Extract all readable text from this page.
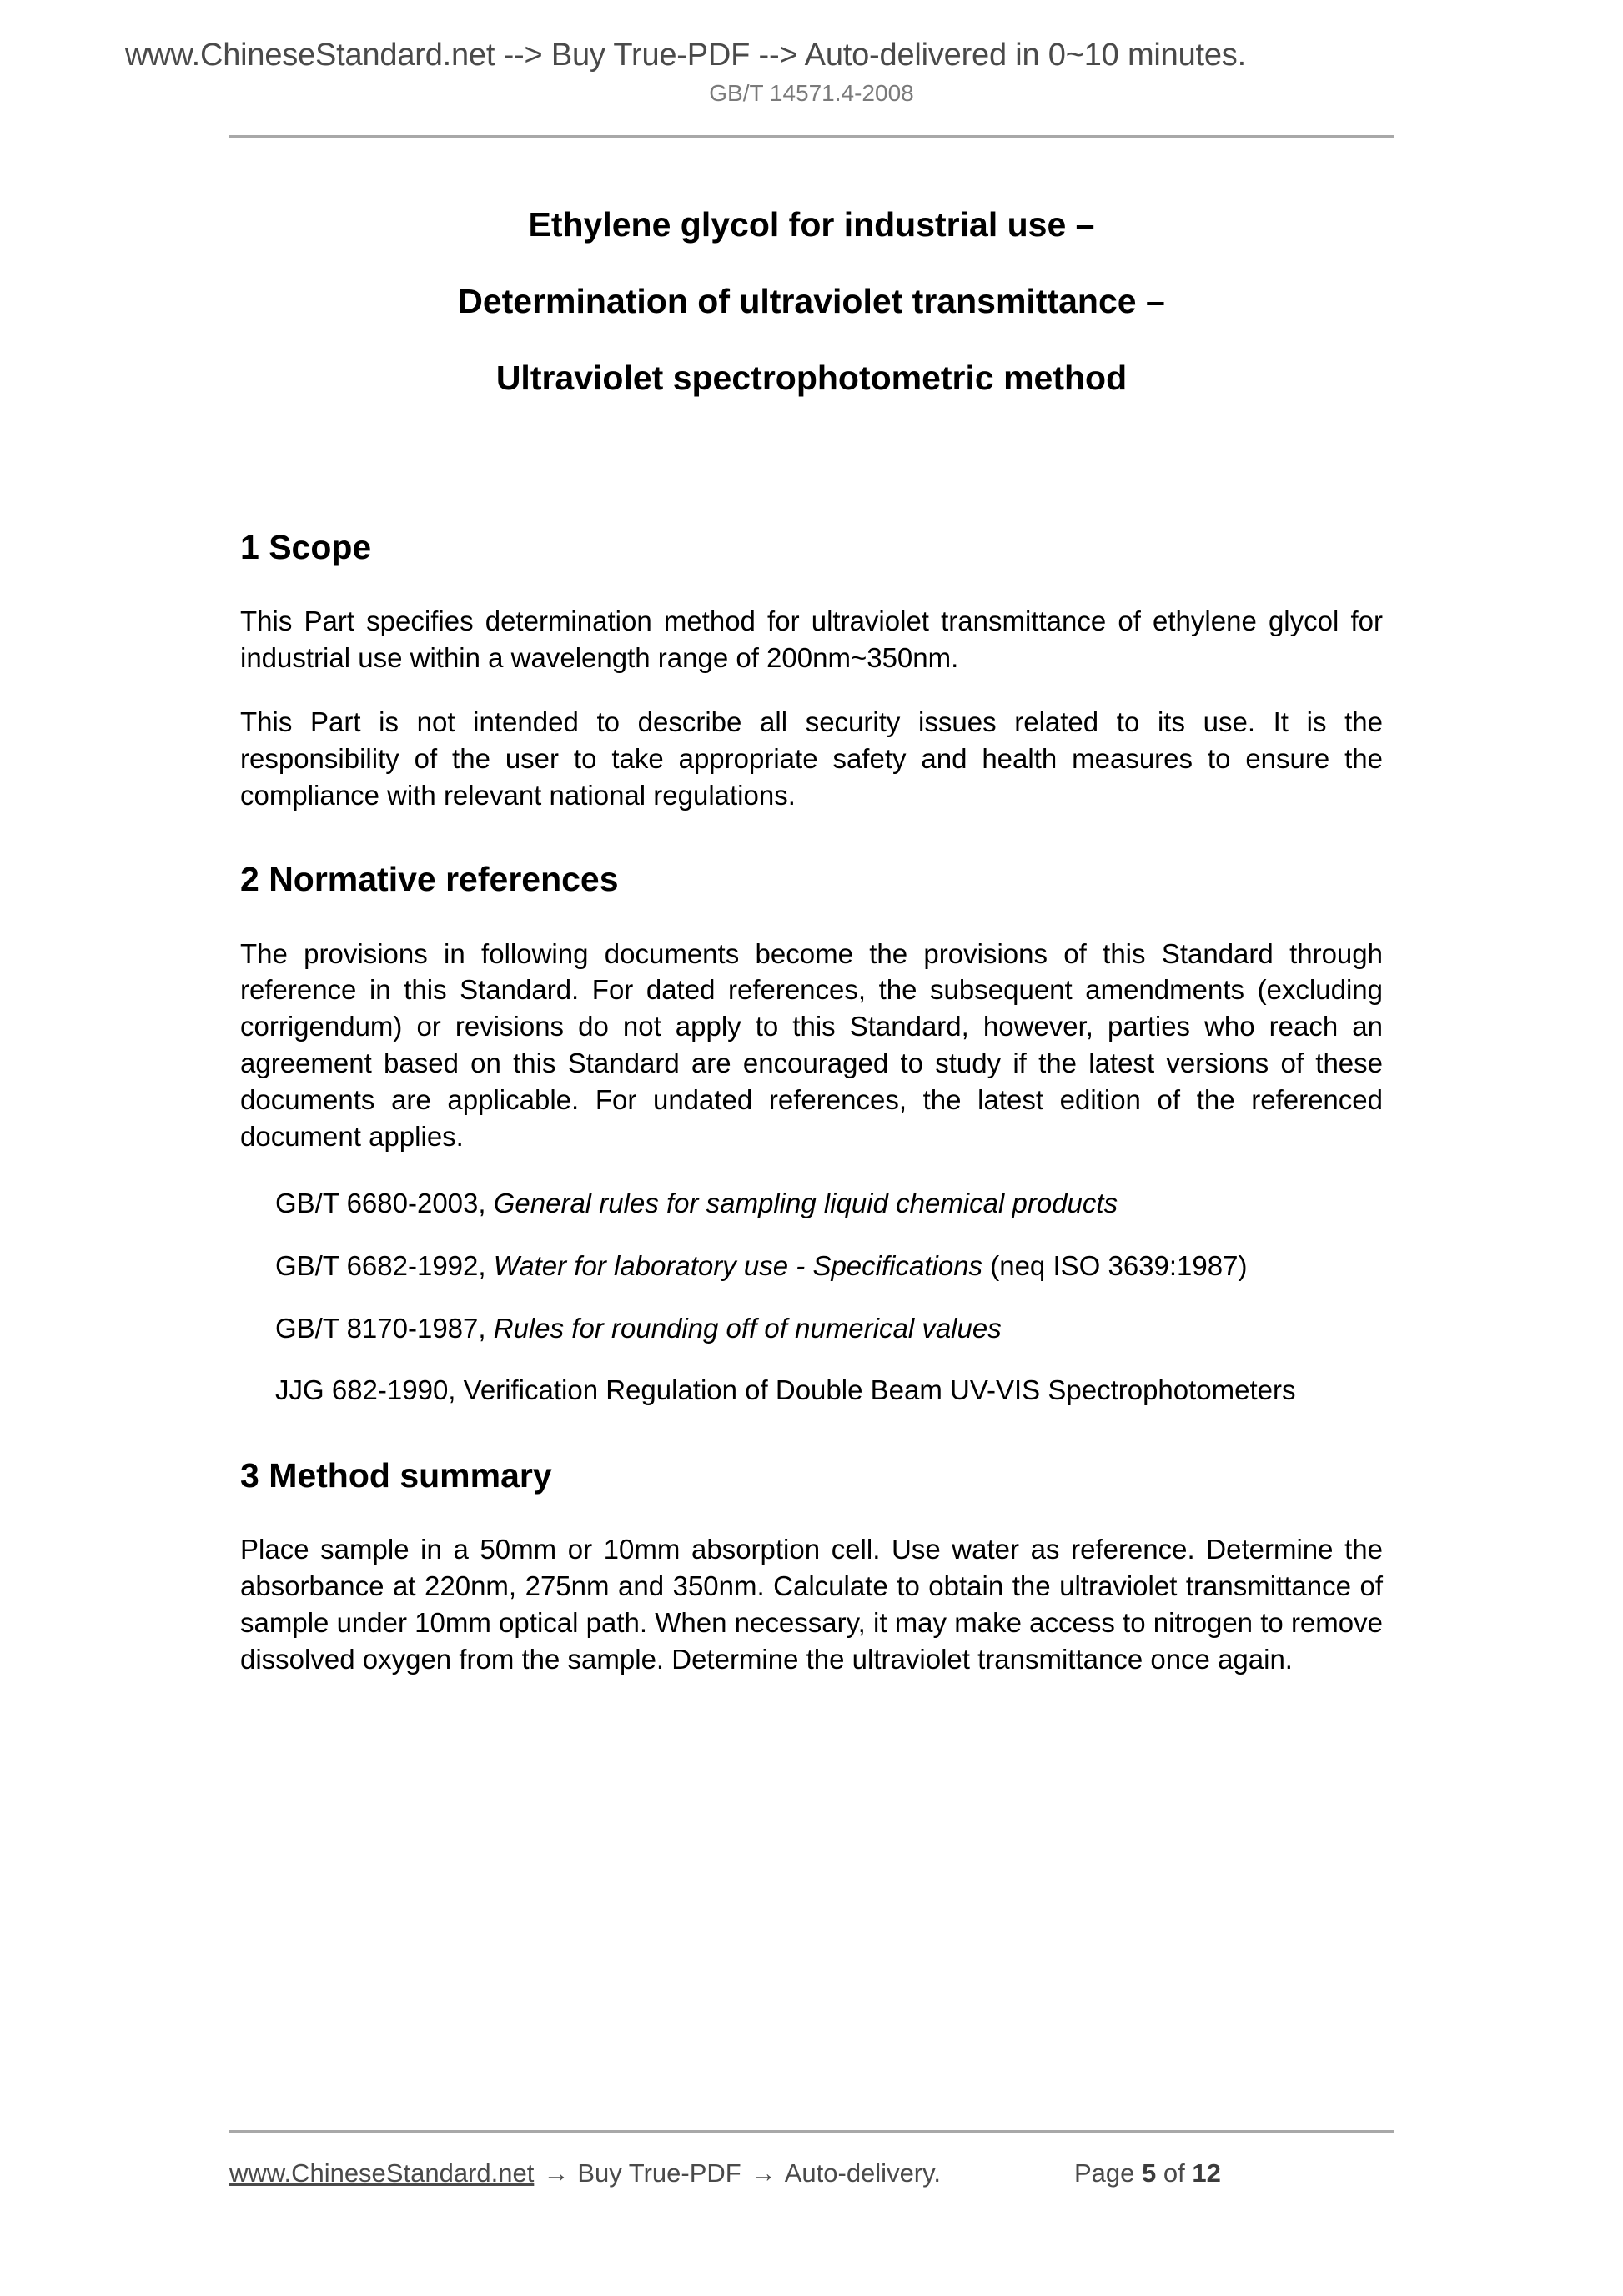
www.ChineseStandard.net --> Buy True-PDF --> Auto-delivered in 0~10 minutes.
GB/T 14571.4-2008
Ethylene glycol for industrial use –
Determination of ultraviolet transmittance –
Ultraviolet spectrophotometric method
1 Scope

This Part specifies determination method for ultraviolet transmittance of ethylene glycol for industrial use within a wavelength range of 200nm~350nm.

This Part is not intended to describe all security issues related to its use. It is the responsibility of the user to take appropriate safety and health measures to ensure the compliance with relevant national regulations.

2 Normative references

The provisions in following documents become the provisions of this Standard through reference in this Standard. For dated references, the subsequent amendments (excluding corrigendum) or revisions do not apply to this Standard, however, parties who reach an agreement based on this Standard are encouraged to study if the latest versions of these documents are applicable. For undated references, the latest edition of the referenced document applies.

GB/T 6680-2003, General rules for sampling liquid chemical products
GB/T 6682-1992, Water for laboratory use - Specifications (neq ISO 3639:1987)
GB/T 8170-1987, Rules for rounding off of numerical values
JJG 682-1990, Verification Regulation of Double Beam UV-VIS Spectrophotometers
3 Method summary

Place sample in a 50mm or 10mm absorption cell. Use water as reference. Determine the absorbance at 220nm, 275nm and 350nm. Calculate to obtain the ultraviolet transmittance of sample under 10mm optical path. When necessary, it may make access to nitrogen to remove dissolved oxygen from the sample. Determine the ultraviolet transmittance once again.

www.ChineseStandard.net → Buy True-PDF → Auto-delivery.	Page 5 of 12
